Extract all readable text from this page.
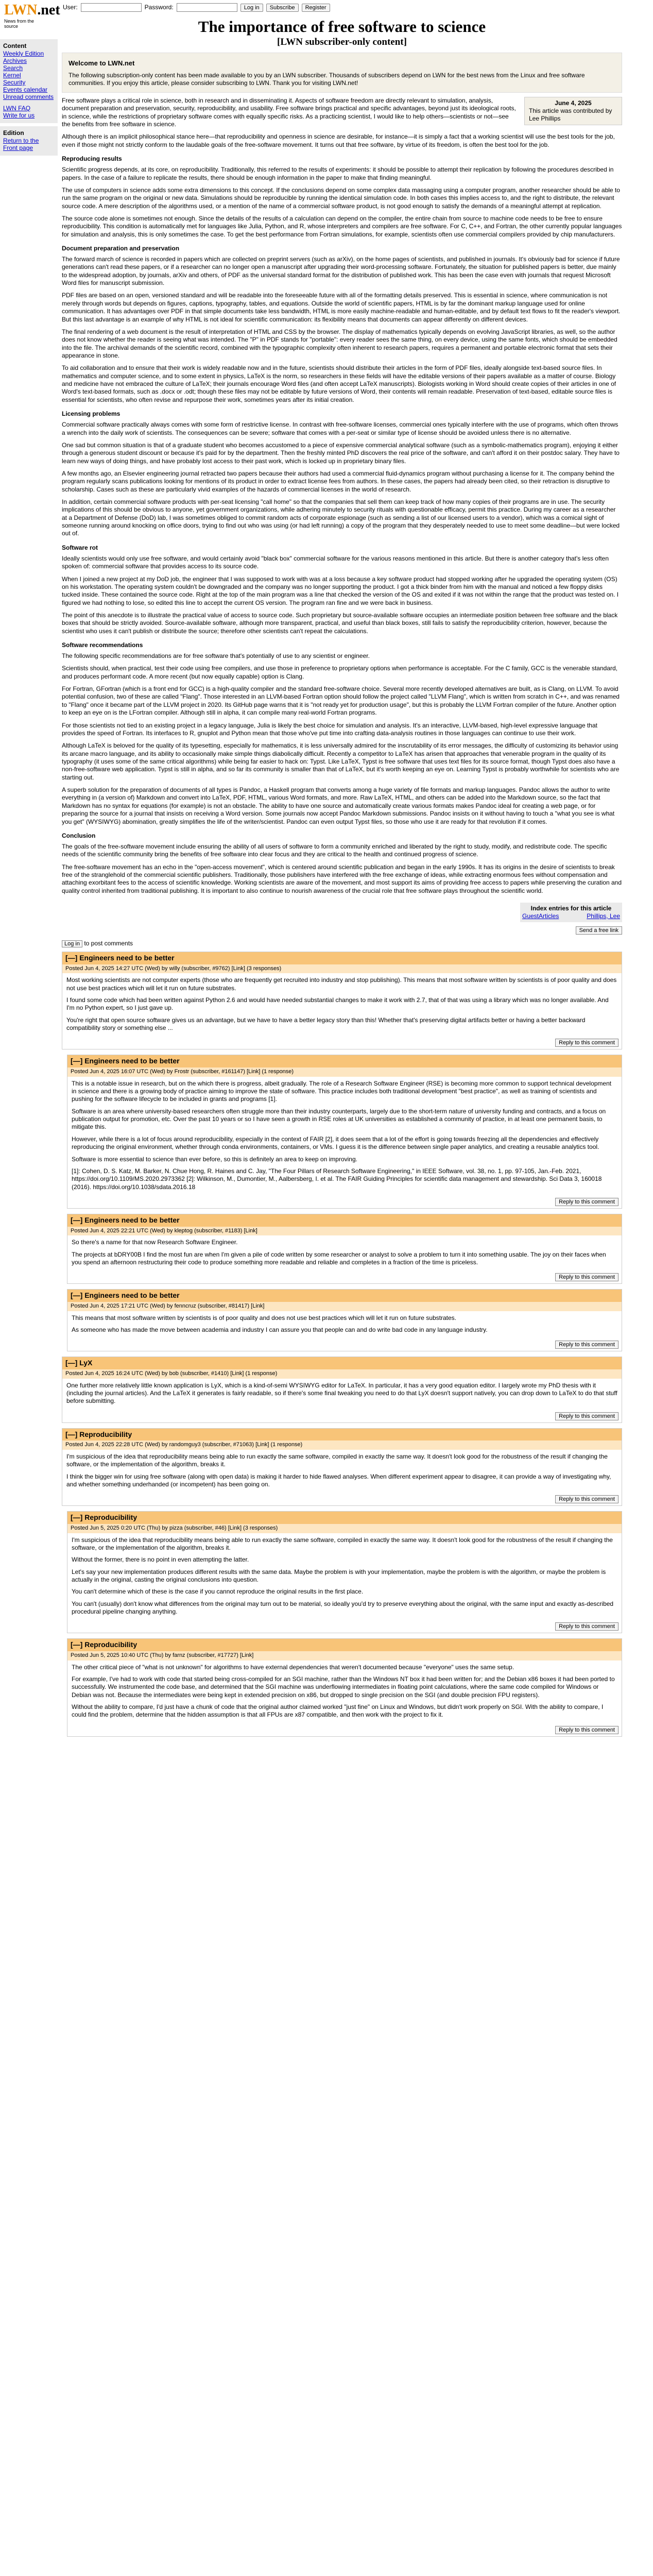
LWN.net
News from the source
User:	Password:	Log in	Subscribe	Register
Content
Weekly Edition
Archives
Search
Kernel
Security
Events calendar
Unread comments
LWN FAQ
Write for us
Edition
Return to the Front page
The importance of free software to science
[LWN subscriber-only content]
Welcome to LWN.net

The following subscription-only content has been made available to you by an LWN subscriber. Thousands of subscribers depend on LWN for the best news from the Linux and free software communities. If you enjoy this article, please consider subscribing to LWN. Thank you for visiting LWN.net!

June 4, 2025
This article was contributed by Lee Phillips

Free software plays a critical role in science, both in research and in disseminating it. Aspects of software freedom are directly relevant to simulation, analysis, document preparation and preservation, security, reproducibility, and usability. Free software brings practical and specific advantages, beyond just its ideological roots, in science, while the restrictions of proprietary software comes with equally specific risks. As a practicing scientist, I would like to help others—scientists or not—see the benefits from free software in science.

Although there is an implicit philosophical stance here—that reproducibility and openness in science are desirable, for instance—it is simply a fact that a working scientist will use the best tools for the job, even if those might not strictly conform to the laudable goals of the free-software movement. It turns out that free software, by virtue of its freedom, is often the best tool for the job.

Reproducing results

Scientific progress depends, at its core, on reproducibility. Traditionally, this referred to the results of experiments: it should be possible to attempt their replication by following the procedures described in papers. In the case of a failure to replicate the results, there should be enough information in the paper to make that finding meaningful.

The use of computers in science adds some extra dimensions to this concept. If the conclusions depend on some complex data massaging using a computer program, another researcher should be able to run the same program on the original or new data. Simulations should be reproducible by running the identical simulation code. In both cases this implies access to, and the right to distribute, the relevant source code. A mere description of the algorithms used, or a mention of the name of a commercial software product, is not good enough to satisfy the demands of a meaningful attempt at replication.

The source code alone is sometimes not enough. Since the details of the results of a calculation can depend on the compiler, the entire chain from source to machine code needs to be free to ensure reproducibility. This condition is automatically met for languages like Julia, Python, and R, whose interpreters and compilers are free software. For C, C++, and Fortran, the other currently popular languages for simulation and analysis, this is only sometimes the case. To get the best performance from Fortran simulations, for example, scientists often use commercial compilers provided by chip manufacturers.

Document preparation and preservation

The forward march of science is recorded in papers which are collected on preprint servers (such as arXiv), on the home pages of scientists, and published in journals. It's obviously bad for science if future generations can't read these papers, or if a researcher can no longer open a manuscript after upgrading their word-processing software. Fortunately, the situation for published papers is better, due mainly to the widespread adoption, by journals, arXiv and others, of PDF as the universal standard format for the distribution of published work. This has been the case even with journals that request Microsoft Word files for manuscript submission.

PDF files are based on an open, versioned standard and will be readable into the foreseeable future with all of the formatting details preserved. This is essential in science, where communication is not merely through words but depends on figures, captions, typography, tables, and equations. Outside the world of scientific papers, HTML is by far the dominant markup language used for online communication. It has advantages over PDF in that simple documents take less bandwidth, HTML is more easily machine-readable and human-editable, and by default text flows to fit the reader's viewport. But this last advantage is an example of why HTML is not ideal for scientific communication: its flexibility means that documents can appear differently on different devices.

The final rendering of a web document is the result of interpretation of HTML and CSS by the browser. The display of mathematics typically depends on evolving JavaScript libraries, as well, so the author does not know whether the reader is seeing what was intended. The "P" in PDF stands for "portable": every reader sees the same thing, on every device, using the same fonts, which should be embedded into the file. The archival demands of the scientific record, combined with the typographic complexity often inherent to research papers, requires a permanent and portable electronic format that sets their appearance in stone.

To aid collaboration and to ensure that their work is widely readable now and in the future, scientists should distribute their articles in the form of PDF files, ideally alongside text-based source files. In mathematics and computer science, and to some extent in physics, LaTeX is the norm, so researchers in these fields will have the editable versions of their papers available as a matter of course. Biology and medicine have not embraced the culture of LaTeX; their journals encourage Word files (and often accept LaTeX manuscripts). Biologists working in Word should create copies of their articles in one of Word's text-based formats, such as .docx or .odt; though these files may not be editable by future versions of Word, their contents will remain readable. Preservation of text-based, editable source files is essential for scientists, who often revise and repurpose their work, sometimes years after its initial creation.

Licensing problems

Commercial software practically always comes with some form of restrictive license. In contrast with free-software licenses, commercial ones typically interfere with the use of programs, which often throws a wrench into the daily work of scientists. The consequences can be severe; software that comes with a per-seat or similar type of license should be avoided unless there is no alternative.

One sad but common situation is that of a graduate student who becomes accustomed to a piece of expensive commercial analytical software (such as a symbolic-mathematics program), enjoying it either through a generous student discount or because it's paid for by the department. Then the freshly minted PhD discovers the real price of the software, and can't afford it on their postdoc salary. They have to learn new ways of doing things, and have probably lost access to their past work, which is locked up in proprietary binary files.

A few months ago, an Elsevier engineering journal retracted two papers because their authors had used a commercial fluid-dynamics program without purchasing a license for it. The company behind the program regularly scans publications looking for mentions of its product in order to extract license fees from authors. In these cases, the papers had already been cited, so their retraction is disruptive to scholarship. Cases such as these are particularly vivid examples of the hazards of commercial licenses in the world of research.

In addition, certain commercial software products with per-seat licensing "call home" so that the companies that sell them can keep track of how many copies of their programs are in use. The security implications of this should be obvious to anyone, yet government organizations, while adhering minutely to security rituals with questionable efficacy, permit this practice. During my career as a researcher at a Department of Defense (DoD) lab, I was sometimes obliged to commit random acts of corporate espionage (such as sending a list of our licensed users to a vendor), which was a comical sight of someone running around knocking on office doors, trying to find out who was using (or had left running) a copy of the program that they desperately needed to use to meet some deadline—but were locked out of.

Software rot

Ideally scientists would only use free software, and would certainly avoid "black box" commercial software for the various reasons mentioned in this article. But there is another category that's less often spoken of: commercial software that provides access to its source code.

When I joined a new project at my DoD job, the engineer that I was supposed to work with was at a loss because a key software product had stopped working after he upgraded the operating system (OS) on his workstation. The operating system couldn't be downgraded and the company was no longer supporting the product. I got a thick binder from him with the manual and noticed a few floppy disks tucked inside. These contained the source code. Right at the top of the main program was a line that checked the version of the OS and exited if it was not within the range that the product was tested on. I figured we had nothing to lose, so edited this line to accept the current OS version. The program ran fine and we were back in business.

The point of this anecdote is to illustrate the practical value of access to source code. Such proprietary but source-available software occupies an intermediate position between free software and the black boxes that should be strictly avoided. Source-available software, although more transparent, practical, and useful than black boxes, still fails to satisfy the reproducibility criterion, however, because the scientist who uses it can't publish or distribute the source; therefore other scientists can't repeat the calculations.

Software recommendations

The following specific recommendations are for free software that's potentially of use to any scientist or engineer.

Scientists should, when practical, test their code using free compilers, and use those in preference to proprietary options when performance is acceptable. For the C family, GCC is the venerable standard, and produces performant code. A more recent (but now equally capable) option is Clang.

For Fortran, GFortran (which is a front end for GCC) is a high-quality compiler and the standard free-software choice. Several more recently developed alternatives are built, as is Clang, on LLVM. To avoid potential confusion, two of these are called "Flang". Those interested in an LLVM-based Fortran option should follow the project called "LLVM Flang", which is written from scratch in C++, and was renamed to "Flang" once it became part of the LLVM project in 2020. Its GitHub page warns that it is "not ready yet for production usage", but this is probably the LLVM Fortran compiler of the future. Another option to keep an eye on is the LFortran compiler. Although still in alpha, it can compile many real-world Fortran programs.

For those scientists not tied to an existing project in a legacy language, Julia is likely the best choice for simulation and analysis. It's an interactive, LLVM-based, high-level expressive language that provides the speed of Fortran. Its interfaces to R, gnuplot and Python mean that those who've put time into crafting data-analysis routines in those languages can continue to use their work.

Although LaTeX is beloved for the quality of its typesetting, especially for mathematics, it is less universally admired for the inscrutability of its error messages, the difficulty of customizing its behavior using its arcane macro language, and its ability to occasionally make simple things diabolically difficult. Recently a competitor to LaTeX has arisen that approaches that venerable program in the quality of its typography (it uses some of the same critical algorithms) while being far easier to hack on: Typst. Like LaTeX, Typst is free software that uses text files for its source format, though Typst does also have a non-free-software web application. Typst is still in alpha, and so far its community is smaller than that of LaTeX, but it's worth keeping an eye on. Learning Typst is probably worthwhile for scientists who are starting out.

A superb solution for the preparation of documents of all types is Pandoc, a Haskell program that converts among a huge variety of file formats and markup languages. Pandoc allows the author to write everything in (a version of) Markdown and convert into LaTeX, PDF, HTML, various Word formats, and more. Raw LaTeX, HTML, and others can be added into the Markdown source, so the fact that Markdown has no syntax for equations (for example) is not an obstacle. The ability to have one source and automatically create various formats makes Pandoc ideal for creating a web page, or for preparing the source for a journal that insists on receiving a Word version. Some journals now accept Pandoc Markdown submissions. Pandoc insists on it without having to touch a "what you see is what you get" (WYSIWYG) abomination, greatly simplifies the life of the writer/scientist. Pandoc can even output Typst files, so those who use it are ready for that revolution if it comes.

Conclusion

The goals of the free-software movement include ensuring the ability of all users of software to form a community enriched and liberated by the right to study, modify, and redistribute code. The specific needs of the scientific community bring the benefits of free software into clear focus and they are critical to the health and continued progress of science.

The free-software movement has an echo in the "open-access movement", which is centered around scientific publication and began in the early 1990s. It has its origins in the desire of scientists to break free of the stranglehold of the commercial scientific publishers. Traditionally, those publishers have interfered with the free exchange of ideas, while extracting enormous fees without compensation and attaching exorbitant fees to the access of scientific knowledge. Working scientists are aware of the movement, and most support its aims of providing free access to papers while preserving the curation and quality control inherited from traditional publishing. It is important to also continue to nourish awareness of the crucial role that free software plays throughout the scientific world.

Index entries for this article
GuestArticles	Phillips, Lee
Send a free link
Log in to post comments
[—] Engineers need to be better
Posted Jun 4, 2025 14:27 UTC (Wed) by willy (subscriber, #9762) [Link] (3 responses)

Most working scientists are not computer experts (those who are frequently get recruited into industry and stop publishing). This means that most software written by scientists is of poor quality and does not use best practices which will let it run on future substrates.

I found some code which had been written against Python 2.6 and would have needed substantial changes to make it work with 2.7, that of that was using a library which was no longer available. And I'm no Python expert, so I just gave up.

You're right that open source software gives us an advantage, but we have to have a better legacy story than this! Whether that's preserving digital artifacts better or having a better backward compatibility story or something else ...

Reply to this comment
[—] Engineers need to be better
Posted Jun 4, 2025 16:07 UTC (Wed) by Frostr (subscriber, #161147) [Link] (1 response)

This is a notable issue in research, but on the which there is progress, albeit gradually. The role of a Research Software Engineer (RSE) is becoming more common to support technical development in science and there is a growing body of practice aiming to improve the state of software. This practice includes both traditional development "best practice", as well as training of scientists and pushing for the software lifecycle to be included in grants and programs [1].

Software is an area where university-based researchers often struggle more than their industry counterparts, largely due to the short-term nature of university funding and contracts, and a focus on publication output for promotion, etc. Over the past 10 years or so I have seen a growth in RSE roles at UK universities as established a community of practice, in at least one permanent basis, to mitigate this.

However, while there is a lot of focus around reproducibility, especially in the context of FAIR [2], it does seem that a lot of the effort is going towards freezing all the dependencies and effectively reproducing the original environment, whether through conda environments, containers, or VMs. I guess it is the difference between single paper analytics, and creating a reusable analytics tool.

Software is more essential to science than ever before, so this is definitely an area to keep on improving.

[1]: Cohen, D. S. Katz, M. Barker, N. Chue Hong, R. Haines and C. Jay, "The Four Pillars of Research Software Engineering," in IEEE Software, vol. 38, no. 1, pp. 97-105, Jan.-Feb. 2021, https://doi.org/10.1109/MS.2020.2973362 [2]: Wilkinson, M., Dumontier, M., Aalbersberg, I. et al. The FAIR Guiding Principles for scientific data management and stewardship. Sci Data 3, 160018 (2016). https://doi.org/10.1038/sdata.2016.18

Reply to this comment
[—] Engineers need to be better
Posted Jun 4, 2025 22:21 UTC (Wed) by kleptog (subscriber, #1183) [Link]

So there's a name for that now Research Software Engineer.

The projects at bDRY00B I find the most fun are when I'm given a pile of code written by some researcher or analyst to solve a problem to turn it into something usable. The joy on their faces when you spend an afternoon restructuring their code to produce something more readable and reliable and completes in a fraction of the time is priceless.

Reply to this comment
[—] Engineers need to be better
Posted Jun 4, 2025 17:21 UTC (Wed) by fenncruz (subscriber, #81417) [Link]

This means that most software written by scientists is of poor quality and does not use best practices which will let it run on future substrates.

As someone who has made the move between academia and industry I can assure you that people can and do write bad code in any language industry.

Reply to this comment
[—] LyX
Posted Jun 4, 2025 16:24 UTC (Wed) by bob (subscriber, #1410) [Link] (1 response)

One further more relatively little known application is LyX, which is a kind-of-semi WYSIWYG editor for LaTeX. In particular, it has a very good equation editor. I largely wrote my PhD thesis with it (including the journal articles). And the LaTeX it generates is fairly readable, so if there's some final tweaking you need to do that LyX doesn't support natively, you can drop down to LaTeX to do that stuff before submitting.

Reply to this comment
[—] Reproducibility
Posted Jun 4, 2025 22:28 UTC (Wed) by randomguy3 (subscriber, #71063) [Link] (1 response)

I'm suspicious of the idea that reproducibility means being able to run exactly the same software, compiled in exactly the same way. It doesn't look good for the robustness of the result if changing the software, or the implementation of the algorithm, breaks it.

I think the bigger win for using free software (along with open data) is making it harder to hide flawed analyses. When different experiment appear to disagree, it can provide a way of investigating why, and whether something underhanded (or incompetent) has been going on.

Reply to this comment
[—] Reproducibility
Posted Jun 5, 2025 0:20 UTC (Thu) by pizza (subscriber, #46) [Link] (3 responses)

I'm suspicious of the idea that reproducibility means being able to run exactly the same software, compiled in exactly the same way. It doesn't look good for the robustness of the result if changing the software, or the implementation of the algorithm, breaks it.

Without the former, there is no point in even attempting the latter.

Let's say your new implementation produces different results with the same data. Maybe the problem is with your implementation, maybe the problem is with the algorithm, or maybe the problem is actually in the original, casting the original conclusions into question.

You can't determine which of these is the case if you cannot reproduce the original results in the first place.

You can't (usually) don't know what differences from the original may turn out to be material, so ideally you'd try to preserve everything about the original, with the same input and exactly as-described procedural pipeline changing anything.

Reply to this comment
[—] Reproducibility
Posted Jun 5, 2025 10:40 UTC (Thu) by farnz (subscriber, #17727) [Link]

The other critical piece of "what is not unknown" for algorithms to have external dependencies that weren't documented because "everyone" uses the same setup.

For example, I've had to work with code that started being cross-compiled for an SGI machine, rather than the Windows NT box it had been written for; and the Debian x86 boxes it had been ported to successfully. We instrumented the code base, and determined that the SGI machine was underflowing intermediates in floating point calculations, where the same code compiled for Windows or Debian was not. Because the intermediates were being kept in extended precision on x86, but dropped to single precision on the SGI (and double precision FPU registers).

Without the ability to compare, I'd just have a chunk of code that the original author claimed worked "just fine" on Linux and Windows, but didn't work properly on SGI. With the ability to compare, I could find the problem, determine that the hidden assumption is that all FPUs are x87 compatible, and then work with the project to fix it.

Reply to this comment
